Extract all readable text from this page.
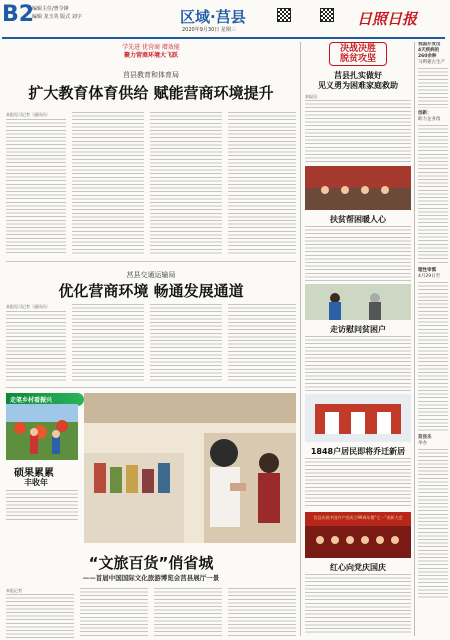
B2
编辑主任/曾令锋
编辑 龙玉英 版式 刘宇	区域·莒县
2020年9月30日 星期三
日照日报
学先进 优营商 增效能
聚力营商环境大飞跃
莒县教育和体育局
扩大教育体育供给 赋能营商环境提升
本报见习记者（通讯员）
莒县交通运输局
优化营商环境 畅通发展通道
本报见习记者（通讯员）
走笔乡村看振兴
硕果累累
丰收年
“文旅百货”俏省城
——首届中国国际文化旅游博览会莒县展厅一景
本报记者
决战决胜
脱贫攻坚
莒县扎实做好
见义勇为困难家庭救助
本报讯
扶贫帮困暖人心
走访慰问贫困户
1848户居民即将乔迁新居
莒县庆祝中国共产党成立99周年暨“七一”表彰大会
红心向党庆国庆
我国开发出
4天疾病的
260余种
马利蒙古生产
创新：
助力企业改
理性审慎
4月29日至
莒县乐
举办
